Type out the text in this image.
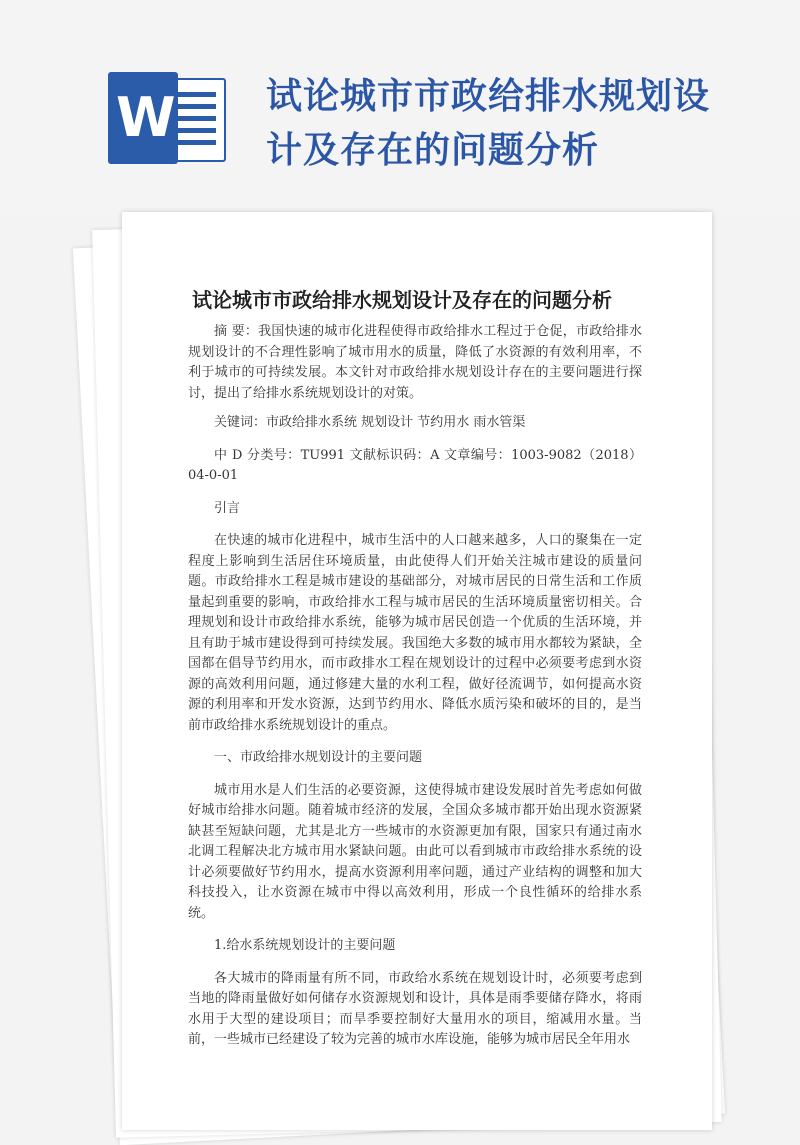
W	试论城市市政给排水规划设计及存在的问题分析
试论城市市政给排水规划设计及存在的问题分析

摘 要：我国快速的城市化进程使得市政给排水工程过于仓促，市政给排水规划设计的不合理性影响了城市用水的质量，降低了水资源的有效利用率，不利于城市的可持续发展。本文针对市政给排水规划设计存在的主要问题进行探讨，提出了给排水系统规划设计的对策。

关键词：市政给排水系统 规划设计 节约用水 雨水管渠

中 D 分类号：TU991 文献标识码：A 文章编号：1003-9082（2018）04-0-01

引言

在快速的城市化进程中，城市生活中的人口越来越多，人口的聚集在一定程度上影响到生活居住环境质量，由此使得人们开始关注城市建设的质量问题。市政给排水工程是城市建设的基础部分，对城市居民的日常生活和工作质量起到重要的影响，市政给排水工程与城市居民的生活环境质量密切相关。合理规划和设计市政给排水系统，能够为城市居民创造一个优质的生活环境，并且有助于城市建设得到可持续发展。我国绝大多数的城市用水都较为紧缺，全国都在倡导节约用水，而市政排水工程在规划设计的过程中必须要考虑到水资源的高效利用问题，通过修建大量的水利工程，做好径流调节，如何提高水资源的利用率和开发水资源，达到节约用水、降低水质污染和破坏的目的，是当前市政给排水系统规划设计的重点。

一、市政给排水规划设计的主要问题

城市用水是人们生活的必要资源，这使得城市建设发展时首先考虑如何做好城市给排水问题。随着城市经济的发展，全国众多城市都开始出现水资源紧缺甚至短缺问题，尤其是北方一些城市的水资源更加有限，国家只有通过南水北调工程解决北方城市用水紧缺问题。由此可以看到城市市政给排水系统的设计必须要做好节约用水，提高水资源利用率问题，通过产业结构的调整和加大科技投入，让水资源在城市中得以高效利用，形成一个良性循环的给排水系统。

1.给水系统规划设计的主要问题

各大城市的降雨量有所不同，市政给水系统在规划设计时，必须要考虑到当地的降雨量做好如何储存水资源规划和设计，具体是雨季要储存降水，将雨水用于大型的建设项目；而旱季要控制好大量用水的项目，缩减用水量。当前，一些城市已经建设了较为完善的城市水库设施，能够为城市居民全年用水
